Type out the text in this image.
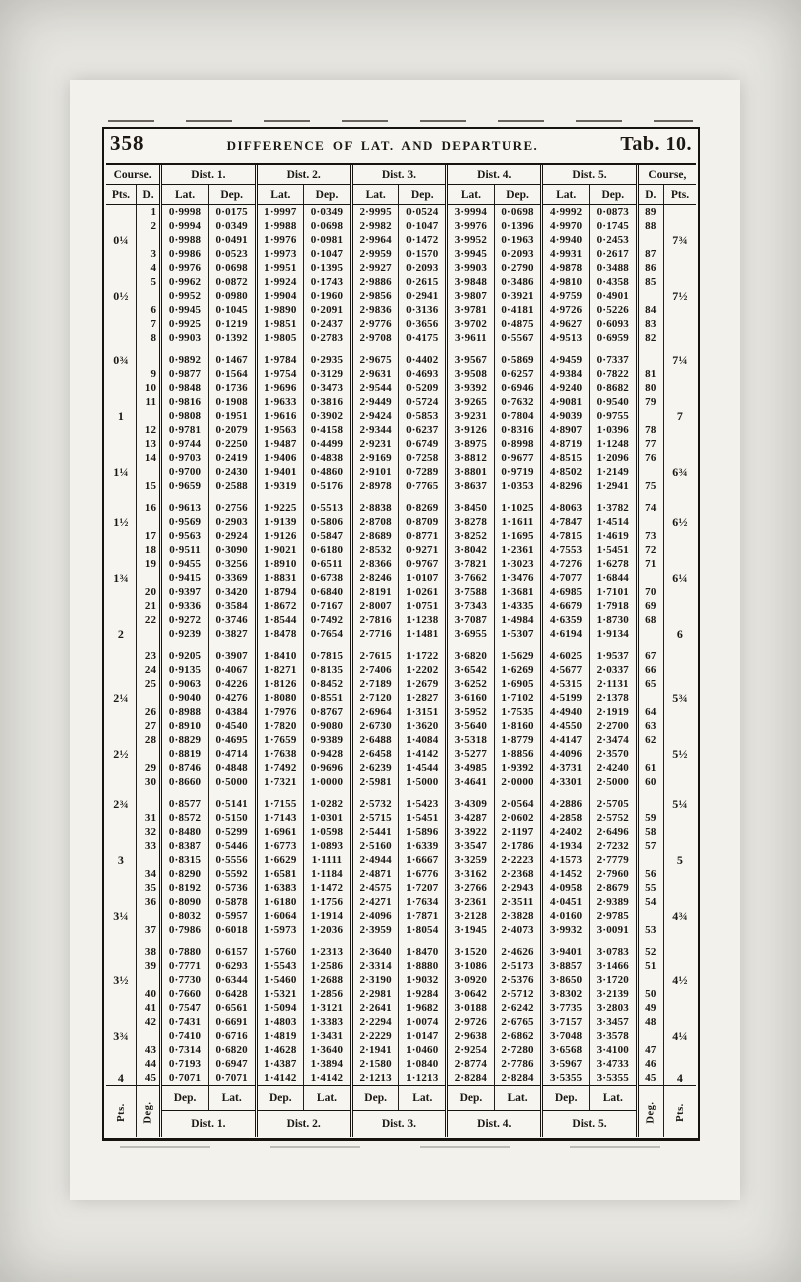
358	DIFFERENCE OF LAT. AND DEPARTURE.	Tab. 10.
Course.		Dist. 1.		Dist. 2.		Dist. 3.		Dist. 4.		Dist. 5.		Course,	
Pts.	D.	Lat.	Dep.	Lat.	Dep.	Lat.	Dep.	Lat.	Dep.	Lat.	Dep.	D.	Pts.
	1	0·9998	0·0175	1·9997	0·0349	2·9995	0·0524	3·9994	0·0698	4·9992	0·0873	89	
	2	0·9994	0·0349	1·9988	0·0698	2·9982	0·1047	3·9976	0·1396	4·9970	0·1745	88	
0¼		0·9988	0·0491	1·9976	0·0981	2·9964	0·1472	3·9952	0·1963	4·9940	0·2453		7¾
	3	0·9986	0·0523	1·9973	0·1047	2·9959	0·1570	3·9945	0·2093	4·9931	0·2617	87	
	4	0·9976	0·0698	1·9951	0·1395	2·9927	0·2093	3·9903	0·2790	4·9878	0·3488	86	
	5	0·9962	0·0872	1·9924	0·1743	2·9886	0·2615	3·9848	0·3486	4·9810	0·4358	85	
0½		0·9952	0·0980	1·9904	0·1960	2·9856	0·2941	3·9807	0·3921	4·9759	0·4901		7½
	6	0·9945	0·1045	1·9890	0·2091	2·9836	0·3136	3·9781	0·4181	4·9726	0·5226	84	
	7	0·9925	0·1219	1·9851	0·2437	2·9776	0·3656	3·9702	0·4875	4·9627	0·6093	83	
	8	0·9903	0·1392	1·9805	0·2783	2·9708	0·4175	3·9611	0·5567	4·9513	0·6959	82	

0¾		0·9892	0·1467	1·9784	0·2935	2·9675	0·4402	3·9567	0·5869	4·9459	0·7337		7¼
	9	0·9877	0·1564	1·9754	0·3129	2·9631	0·4693	3·9508	0·6257	4·9384	0·7822	81	
	10	0·9848	0·1736	1·9696	0·3473	2·9544	0·5209	3·9392	0·6946	4·9240	0·8682	80	
	11	0·9816	0·1908	1·9633	0·3816	2·9449	0·5724	3·9265	0·7632	4·9081	0·9540	79	
1		0·9808	0·1951	1·9616	0·3902	2·9424	0·5853	3·9231	0·7804	4·9039	0·9755		7
	12	0·9781	0·2079	1·9563	0·4158	2·9344	0·6237	3·9126	0·8316	4·8907	1·0396	78	
	13	0·9744	0·2250	1·9487	0·4499	2·9231	0·6749	3·8975	0·8998	4·8719	1·1248	77	
	14	0·9703	0·2419	1·9406	0·4838	2·9169	0·7258	3·8812	0·9677	4·8515	1·2096	76	
1¼		0·9700	0·2430	1·9401	0·4860	2·9101	0·7289	3·8801	0·9719	4·8502	1·2149		6¾
	15	0·9659	0·2588	1·9319	0·5176	2·8978	0·7765	3·8637	1·0353	4·8296	1·2941	75	

	16	0·9613	0·2756	1·9225	0·5513	2·8838	0·8269	3·8450	1·1025	4·8063	1·3782	74	
1½		0·9569	0·2903	1·9139	0·5806	2·8708	0·8709	3·8278	1·1611	4·7847	1·4514		6½
	17	0·9563	0·2924	1·9126	0·5847	2·8689	0·8771	3·8252	1·1695	4·7815	1·4619	73	
	18	0·9511	0·3090	1·9021	0·6180	2·8532	0·9271	3·8042	1·2361	4·7553	1·5451	72	
	19	0·9455	0·3256	1·8910	0·6511	2·8366	0·9767	3·7821	1·3023	4·7276	1·6278	71	
1¾		0·9415	0·3369	1·8831	0·6738	2·8246	1·0107	3·7662	1·3476	4·7077	1·6844		6¼
	20	0·9397	0·3420	1·8794	0·6840	2·8191	1·0261	3·7588	1·3681	4·6985	1·7101	70	
	21	0·9336	0·3584	1·8672	0·7167	2·8007	1·0751	3·7343	1·4335	4·6679	1·7918	69	
	22	0·9272	0·3746	1·8544	0·7492	2·7816	1·1238	3·7087	1·4984	4·6359	1·8730	68	
2		0·9239	0·3827	1·8478	0·7654	2·7716	1·1481	3·6955	1·5307	4·6194	1·9134		6

	23	0·9205	0·3907	1·8410	0·7815	2·7615	1·1722	3·6820	1·5629	4·6025	1·9537	67	
	24	0·9135	0·4067	1·8271	0·8135	2·7406	1·2202	3·6542	1·6269	4·5677	2·0337	66	
	25	0·9063	0·4226	1·8126	0·8452	2·7189	1·2679	3·6252	1·6905	4·5315	2·1131	65	
2¼		0·9040	0·4276	1·8080	0·8551	2·7120	1·2827	3·6160	1·7102	4·5199	2·1378		5¾
	26	0·8988	0·4384	1·7976	0·8767	2·6964	1·3151	3·5952	1·7535	4·4940	2·1919	64	
	27	0·8910	0·4540	1·7820	0·9080	2·6730	1·3620	3·5640	1·8160	4·4550	2·2700	63	
	28	0·8829	0·4695	1·7659	0·9389	2·6488	1·4084	3·5318	1·8779	4·4147	2·3474	62	
2½		0·8819	0·4714	1·7638	0·9428	2·6458	1·4142	3·5277	1·8856	4·4096	2·3570		5½
	29	0·8746	0·4848	1·7492	0·9696	2·6239	1·4544	3·4985	1·9392	4·3731	2·4240	61	
	30	0·8660	0·5000	1·7321	1·0000	2·5981	1·5000	3·4641	2·0000	4·3301	2·5000	60	

2¾		0·8577	0·5141	1·7155	1·0282	2·5732	1·5423	3·4309	2·0564	4·2886	2·5705		5¼
	31	0·8572	0·5150	1·7143	1·0301	2·5715	1·5451	3·4287	2·0602	4·2858	2·5752	59	
	32	0·8480	0·5299	1·6961	1·0598	2·5441	1·5896	3·3922	2·1197	4·2402	2·6496	58	
	33	0·8387	0·5446	1·6773	1·0893	2·5160	1·6339	3·3547	2·1786	4·1934	2·7232	57	
3		0·8315	0·5556	1·6629	1·1111	2·4944	1·6667	3·3259	2·2223	4·1573	2·7779		5
	34	0·8290	0·5592	1·6581	1·1184	2·4871	1·6776	3·3162	2·2368	4·1452	2·7960	56	
	35	0·8192	0·5736	1·6383	1·1472	2·4575	1·7207	3·2766	2·2943	4·0958	2·8679	55	
	36	0·8090	0·5878	1·6180	1·1756	2·4271	1·7634	3·2361	2·3511	4·0451	2·9389	54	
3¼		0·8032	0·5957	1·6064	1·1914	2·4096	1·7871	3·2128	2·3828	4·0160	2·9785		4¾
	37	0·7986	0·6018	1·5973	1·2036	2·3959	1·8054	3·1945	2·4073	3·9932	3·0091	53	

	38	0·7880	0·6157	1·5760	1·2313	2·3640	1·8470	3·1520	2·4626	3·9401	3·0783	52	
	39	0·7771	0·6293	1·5543	1·2586	2·3314	1·8880	3·1086	2·5173	3·8857	3·1466	51	
3½		0·7730	0·6344	1·5460	1·2688	2·3190	1·9032	3·0920	2·5376	3·8650	3·1720		4½
	40	0·7660	0·6428	1·5321	1·2856	2·2981	1·9284	3·0642	2·5712	3·8302	3·2139	50	
	41	0·7547	0·6561	1·5094	1·3121	2·2641	1·9682	3·0188	2·6242	3·7735	3·2803	49	
	42	0·7431	0·6691	1·4803	1·3383	2·2294	1·0074	2·9726	2·6765	3·7157	3·3457	48	
3¾		0·7410	0·6716	1·4819	1·3431	2·2229	1·0147	2·9638	2·6862	3·7048	3·3578		4¼
	43	0·7314	0·6820	1·4628	1·3640	2·1941	1·0460	2·9254	2·7280	3·6568	3·4100	47	
	44	0·7193	0·6947	1·4387	1·3894	2·1580	1·0840	2·8774	2·7786	3·5967	3·4733	46	
4	45	0·7071	0·7071	1·4142	1·4142	2·1213	1·1213	2·8284	2·8284	3·5355	3·5355	45	4
Pts.	Deg.	Dep.	Lat.	Dep.	Lat.	Dep.	Lat.	Dep.	Lat.	Dep.	Lat.	Deg.	Pts.
		Dist. 1.		Dist. 2.		Dist. 3.		Dist. 4.		Dist. 5.			
